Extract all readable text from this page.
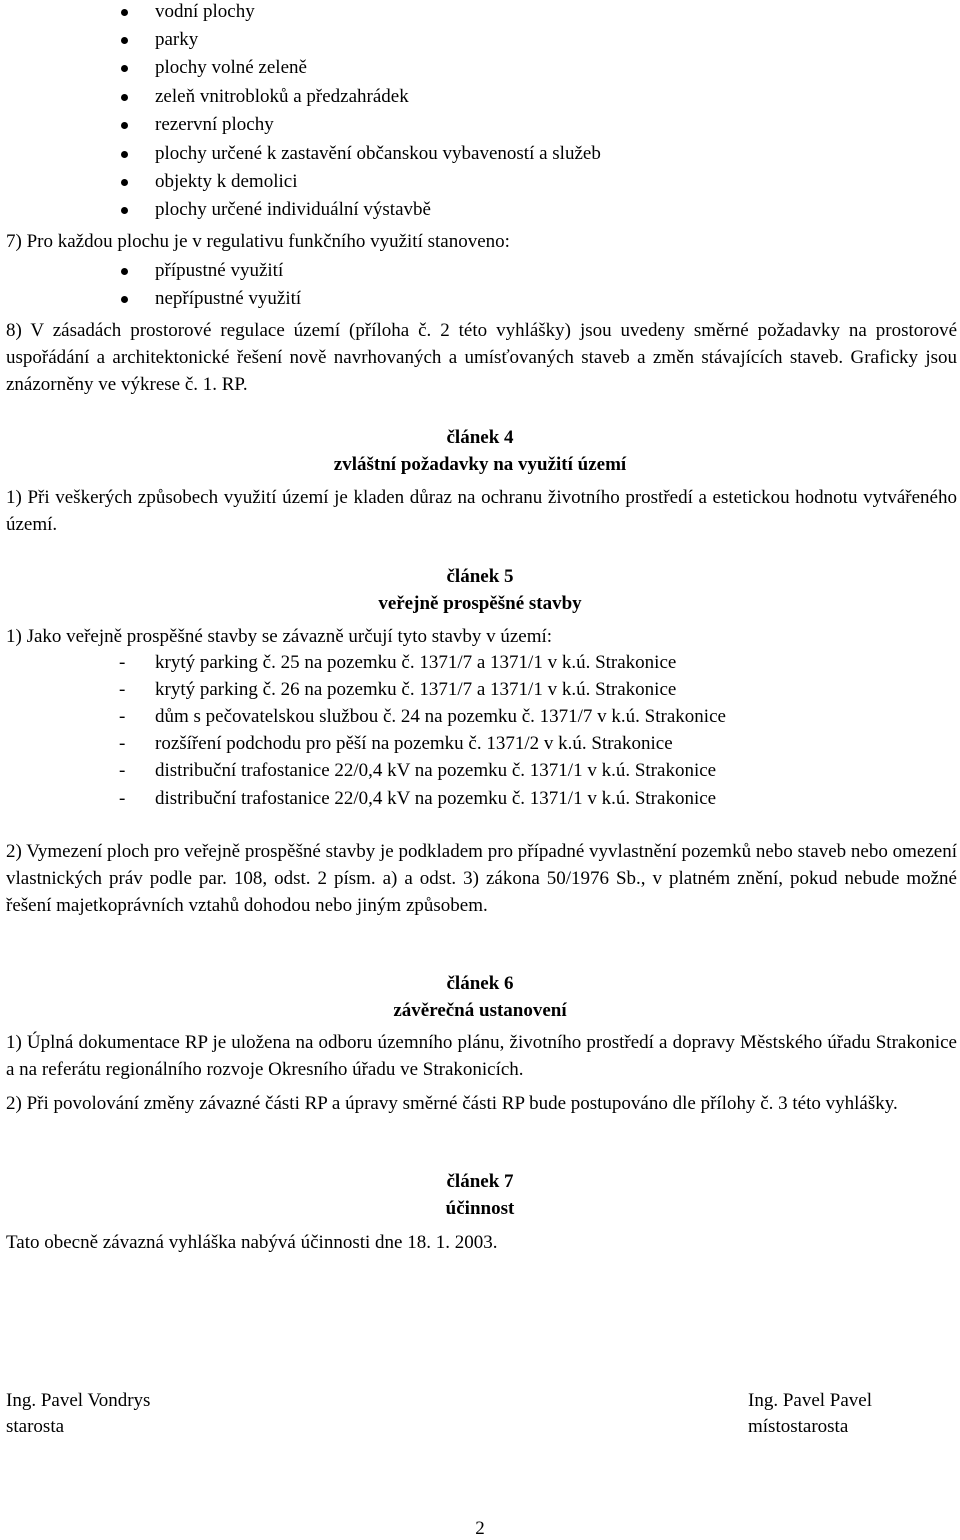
vodní plochy
parky
plochy volné zeleně
zeleň vnitrobloků a předzahrádek
rezervní plochy
plochy určené k zastavění občanskou vybaveností a služeb
objekty k demolici
plochy určené individuální výstavbě
7) Pro každou plochu je v regulativu funkčního využití stanoveno:
přípustné využití
nepřípustné využití
8) V zásadách prostorové regulace území (příloha č. 2 této vyhlášky) jsou uvedeny směrné požadavky na prostorové uspořádání a architektonické řešení nově navrhovaných a umísťovaných staveb a změn stávajících staveb. Graficky jsou znázorněny ve výkrese č. 1. RP.
článek 4
zvláštní požadavky na využití území
1) Při veškerých způsobech využití území je kladen důraz na ochranu životního prostředí a estetickou hodnotu vytvářeného území.
článek 5
veřejně prospěšné stavby
1) Jako veřejně prospěšné stavby se závazně určují tyto stavby v území:
- krytý parking č. 25 na pozemku č. 1371/7 a 1371/1 v k.ú. Strakonice
- krytý parking č. 26 na pozemku č. 1371/7 a 1371/1 v k.ú. Strakonice
- dům s pečovatelskou službou č. 24 na pozemku č. 1371/7 v k.ú. Strakonice
- rozšíření podchodu pro pěší na pozemku č. 1371/2 v k.ú. Strakonice
- distribuční trafostanice 22/0,4 kV na pozemku č. 1371/1 v k.ú. Strakonice
- distribuční trafostanice 22/0,4 kV na pozemku č. 1371/1 v k.ú. Strakonice
2) Vymezení ploch pro veřejně prospěšné stavby je podkladem pro případné vyvlastnění pozemků nebo staveb nebo omezení vlastnických práv podle par. 108, odst. 2 písm. a) a odst. 3) zákona 50/1976 Sb., v platném znění, pokud nebude možné řešení majetkoprávních vztahů dohodou nebo jiným způsobem.
článek 6
závěrečná ustanovení
1) Úplná dokumentace RP je uložena na odboru územního plánu, životního prostředí a dopravy Městského úřadu Strakonice a na referátu regionálního rozvoje Okresního úřadu ve Strakonicích.
2) Při povolování změny závazné části RP a úpravy směrné části RP bude postupováno dle přílohy č. 3 této vyhlášky.
článek 7
účinnost
Tato obecně závazná vyhláška nabývá účinnosti dne 18. 1. 2003.
Ing. Pavel Vondrys
starosta
Ing. Pavel Pavel
místostarosta
2
